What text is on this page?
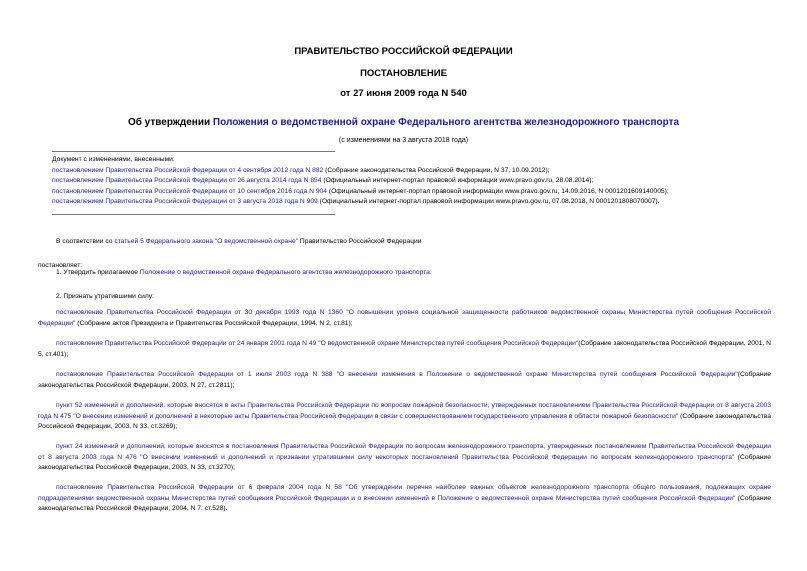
ПРАВИТЕЛЬСТВО РОССИЙСКОЙ ФЕДЕРАЦИИ
ПОСТАНОВЛЕНИЕ
от 27 июня 2009 года N 540
Об утверждении Положения о ведомственной охране Федерального агентства железнодорожного транспорта
(с изменениями на 3 августа 2018 года)
Документ с изменениями, внесенными:
постановлением Правительства Российской Федерации от 4 сентября 2012 года N 882 (Собрание законодательства Российской Федерации, N 37, 10.09.2012);
постановлением Правительства Российской Федерации от 26 августа 2014 года N 854 (Официальный интернет-портал правовой информации www.pravo.gov.ru, 28.08.2014);
постановлением Правительства Российской Федерации от 10 сентября 2016 года N 904 (Официальный интернет-портал правовой информации www.pravo.gov.ru, 14.09.2016, N 0001201609140005);
постановлением Правительства Российской Федерации от 3 августа 2018 года N 909 (Официальный интернет-портал правовой информации www.pravo.gov.ru, 07.08.2018, N 0001201808070007).
В соответствии со статьей 5 Федерального закона "О ведомственной охране" Правительство Российской Федерации
постановляет:
1. Утвердить прилагаемое Положение о ведомственной охране Федерального агентства железнодорожного транспорта.
2. Признать утратившими силу:
постановление Правительства Российской Федерации от 30 декабря 1993 года N 1360 "О повышении уровня социальной защищенности работников ведомственной охраны Министерства путей сообщения Российской Федерации" (Собрание актов Президента и Правительства Российской Федерации, 1994, N 2, ст.81);
постановление Правительства Российской Федерации от 24 января 2001 года N 49 "О ведомственной охране Министерства путей сообщения Российской Федерации"(Собрание законодательства Российской Федерации, 2001, N 5, ст.401);
постановление Правительства Российской Федерации от 1 июля 2003 года N 388 "О внесении изменения в Положение о ведомственной охране Министерства путей сообщения Российской Федерации"(Собрание законодательства Российской Федерации, 2003, N 27, ст.2811);
пункт 52 изменений и дополнений, которые вносятся в акты Правительства Российской Федерации по вопросам пожарной безопасности, утвержденных постановлением Правительства Российской Федерации от 8 августа 2003 года N 475 "О внесении изменений и дополнений в некоторые акты Правительства Российской Федерации в связи с совершенствованием государственного управления в области пожарной безопасности" (Собрание законодательства Российской Федерации, 2003, N 33, ст.3269);
пункт 24 изменений и дополнений, которые вносятся в постановления Правительства Российской Федерации по вопросам железнодорожного транспорта, утвержденных постановлением Правительства Российской Федерации от 8 августа 2003 года N 476 "О внесении изменений и дополнений и признании утратившими силу некоторых постановлений Правительства Российской Федерации по вопросам железнодорожного транспорта" (Собрание законодательства Российской Федерации, 2003, N 33, ст.3270);
постановление Правительства Российской Федерации от 6 февраля 2004 года N 58 "Об утверждении перечня наиболее важных объектов железнодорожного транспорта общего пользования, подлежащих охране подразделениями ведомственной охраны Министерства путей сообщения Российской Федерации и о внесении изменений в Положение о ведомственной охране Министерства путей сообщения Российской Федерации" (Собрание законодательства Российской Федерации, 2004, N 7, ст.528).
